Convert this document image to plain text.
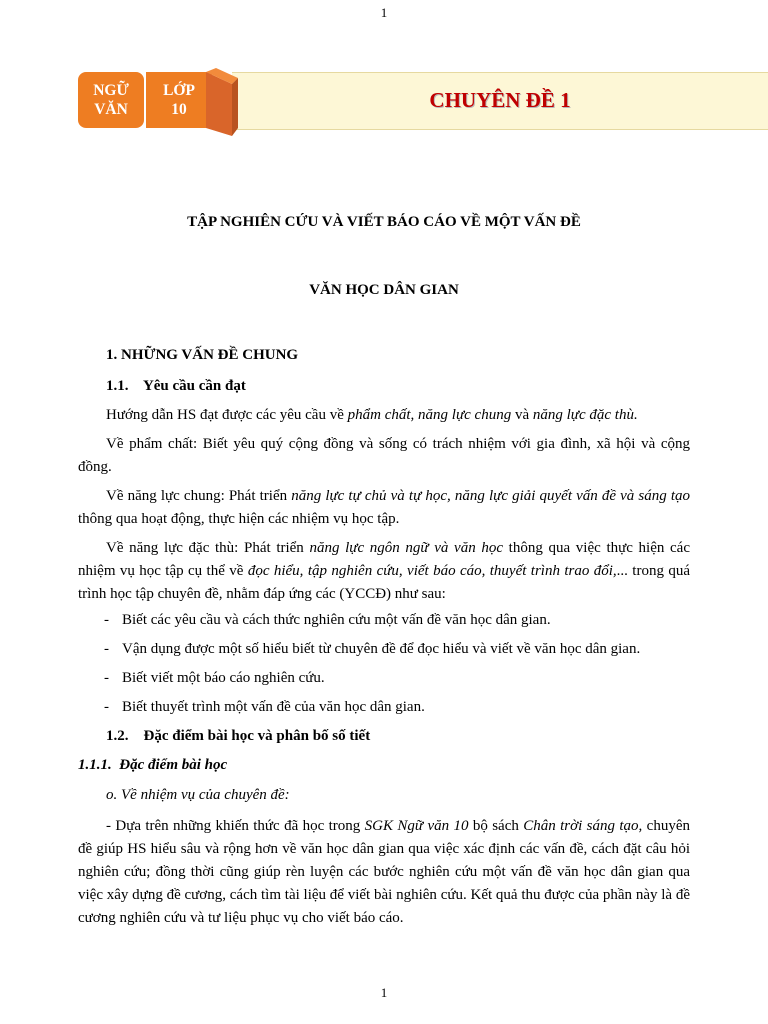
1
NGỮ
VĂN
LỚP
10	CHUYÊN ĐỀ 1
TẬP NGHIÊN CỨU VÀ VIẾT BÁO CÁO VỀ MỘT VẤN ĐỀ
VĂN HỌC DÂN GIAN
1. NHỮNG VẤN ĐỀ CHUNG
1.1.    Yêu cầu cần đạt
Hướng dẫn HS đạt được các yêu cầu về phẩm chất, năng lực chung và năng lực đặc thù.
Về phẩm chất: Biết yêu quý cộng đồng và sống có trách nhiệm với gia đình, xã hội và cộng đồng.
Về năng lực chung: Phát triển năng lực tự chủ và tự học, năng lực giải quyết vấn đề và sáng tạo thông qua hoạt động, thực hiện các nhiệm vụ học tập.
Về năng lực đặc thù: Phát triển năng lực ngôn ngữ và văn học thông qua việc thực hiện các nhiệm vụ học tập cụ thể về đọc hiểu, tập nghiên cứu, viết báo cáo, thuyết trình trao đổi,... trong quá trình học tập chuyên đề, nhằm đáp ứng các (YCCĐ) như sau:
- Biết các yêu cầu và cách thức nghiên cứu một vấn đề văn học dân gian.
- Vận dụng được một số hiểu biết từ chuyên đề để đọc hiểu và viết về văn học dân gian.
- Biết viết một báo cáo nghiên cứu.
- Biết thuyết trình một vấn đề của văn học dân gian.
1.2.    Đặc điểm bài học và phân bố số tiết
1.1.1.  Đặc điểm bài học
o. Về nhiệm vụ của chuyên đề:
- Dựa trên những khiến thức đã học trong SGK Ngữ văn 10 bộ sách Chân trời sáng tạo, chuyên đề giúp HS hiểu sâu và rộng hơn về văn học dân gian qua việc xác định các vấn đề, cách đặt câu hỏi nghiên cứu; đồng thời cũng giúp rèn luyện các bước nghiên cứu một vấn đề văn học dân gian qua việc xây dựng đề cương, cách tìm tài liệu để viết bài nghiên cứu. Kết quả thu được của phần này là đề cương nghiên cứu và tư liệu phục vụ cho viết báo cáo.
1
